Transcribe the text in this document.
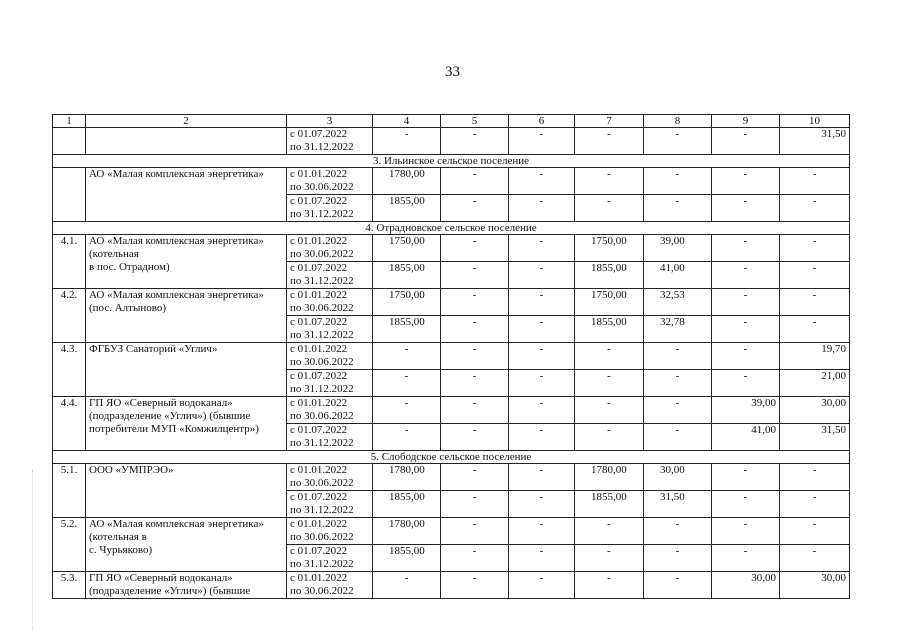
33
1	2	3	4	5	6	7	8	9	10
		с 01.07.2022
по 31.12.2022	-	-	-	-	-	-	31,50
3. Ильинское сельское поселение									
	АО «Малая комплексная энергетика»	с 01.01.2022
по 30.06.2022	1780,00	-	-	-	-	-	-
		с 01.07.2022
по 31.12.2022	1855,00	-	-	-	-	-	-
4. Отрадновское сельское поселение									
4.1.	АО «Малая комплексная энергетика» (котельная
в пос. Отрадном)	с 01.01.2022
по 30.06.2022	1750,00	-	-	1750,00	39,00	-	-
		с 01.07.2022
по 31.12.2022	1855,00	-	-	1855,00	41,00	-	-
4.2.	АО «Малая комплексная энергетика» (пос. Алтыново)	с 01.01.2022
по 30.06.2022	1750,00	-	-	1750,00	32,53	-	-
		с 01.07.2022
по 31.12.2022	1855,00	-	-	1855,00	32,78	-	-
4.3.	ФГБУЗ Санаторий «Углич»	с 01.01.2022
по 30.06.2022	-	-	-	-	-	-	19,70
		с 01.07.2022
по 31.12.2022	-	-	-	-	-	-	21,00
4.4.	ГП ЯО «Северный водоканал» (подразделение «Углич») (бывшие потребители МУП «Комжилцентр»)	с 01.01.2022
по 30.06.2022	-	-	-	-	-	39,00	30,00
		с 01.07.2022
по 31.12.2022	-	-	-	-	-	41,00	31,50
5. Слободское сельское поселение									
5.1.	ООО «УМПРЭО»	с 01.01.2022
по 30.06.2022	1780,00	-	-	1780,00	30,00	-	-
		с 01.07.2022
по 31.12.2022	1855,00	-	-	1855,00	31,50	-	-
5.2.	АО «Малая комплексная энергетика» (котельная в
с. Чурьяково)	с 01.01.2022
по 30.06.2022	1780,00	-	-	-	-	-	-
		с 01.07.2022
по 31.12.2022	1855,00	-	-	-	-	-	-
5.3.	ГП ЯО «Северный водоканал» (подразделение «Углич») (бывшие	с 01.01.2022
по 30.06.2022	-	-	-	-	-	30,00	30,00
